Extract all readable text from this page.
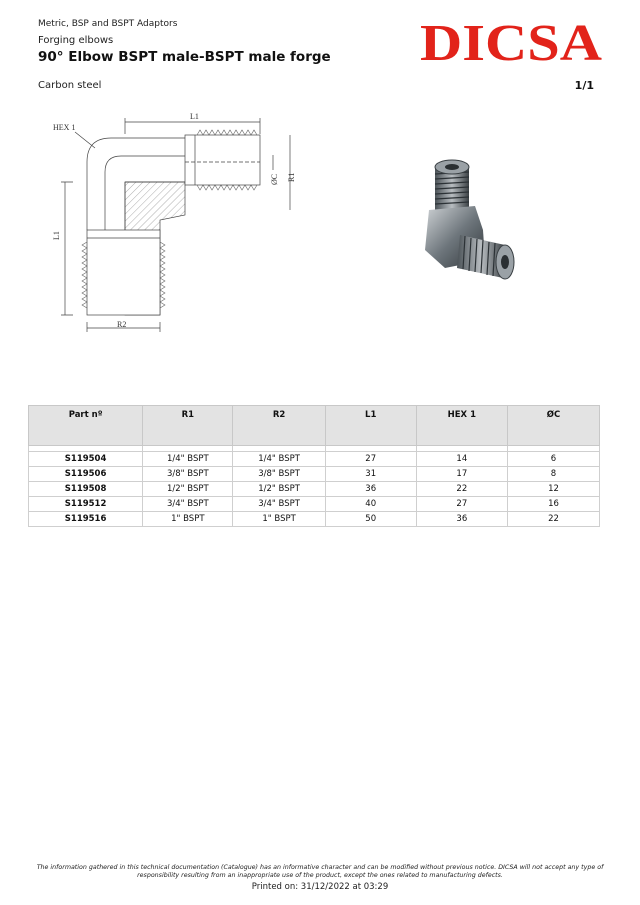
Metric, BSP and BSPT Adaptors
Forging elbows
90° Elbow BSPT male-BSPT male forge
Carbon steel	1/1
DICSA
HEX 1
L1
L1
ØC R1
R2
Part nº	R1	R2	L1	HEX 1	ØC

S119504	1/4" BSPT	1/4" BSPT	27	14	6
S119506	3/8" BSPT	3/8" BSPT	31	17	8
S119508	1/2" BSPT	1/2" BSPT	36	22	12
S119512	3/4" BSPT	3/4" BSPT	40	27	16
S119516	1" BSPT	1" BSPT	50	36	22
The information gathered in this technical documentation (Catalogue) has an informative character and can be modified without previous notice. DICSA will not accept any type of responsibility resulting from an inappropriate use of the product, except the ones related to manufacturing defects.
Printed on: 31/12/2022 at 03:29
